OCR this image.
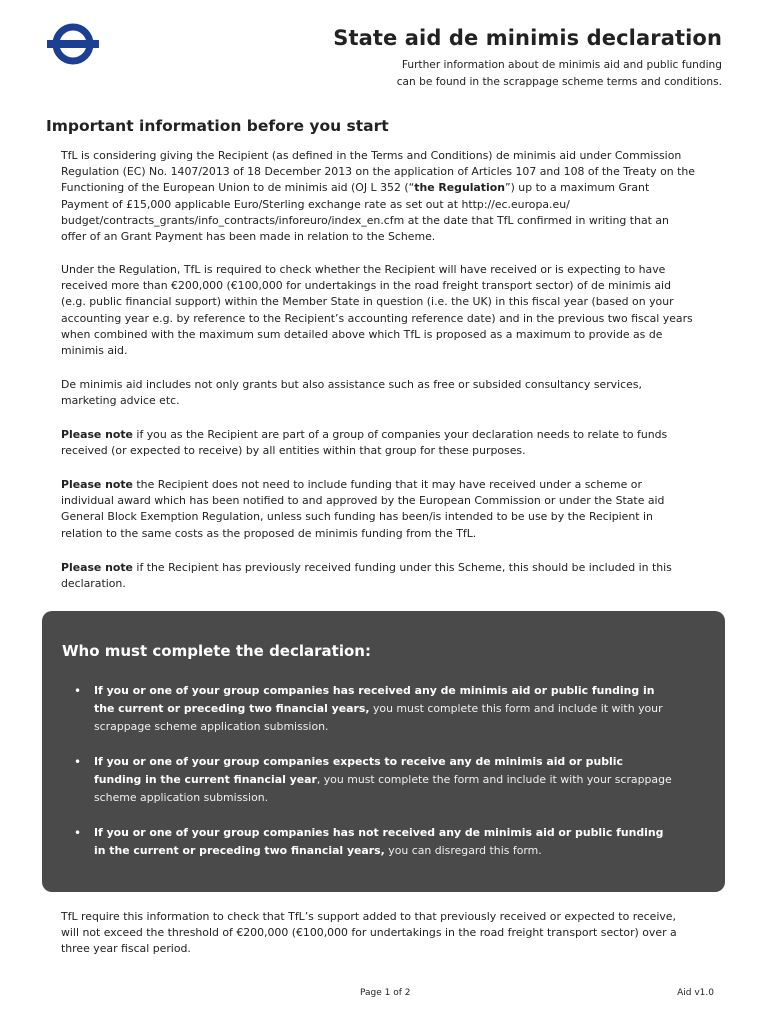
State aid de minimis declaration
Further information about de minimis aid and public funding
can be found in the scrappage scheme terms and conditions.
Important information before you start

TfL is considering giving the Recipient (as defined in the Terms and Conditions) de minimis aid under Commission Regulation (EC) No. 1407/2013 of 18 December 2013 on the application of Articles 107 and 108 of the Treaty on the Functioning of the European Union to de minimis aid (OJ L 352 (“the Regulation”) up to a maximum Grant Payment of £15,000 applicable Euro/Sterling exchange rate as set out at http://ec.europa.eu/ budget/contracts_grants/info_contracts/inforeuro/index_en.cfm at the date that TfL confirmed in writing that an offer of an Grant Payment has been made in relation to the Scheme.

Under the Regulation, TfL is required to check whether the Recipient will have received or is expecting to have received more than €200,000 (€100,000 for undertakings in the road freight transport sector) of de minimis aid (e.g. public financial support) within the Member State in question (i.e. the UK) in this fiscal year (based on your accounting year e.g. by reference to the Recipient’s accounting reference date) and in the previous two fiscal years when combined with the maximum sum detailed above which TfL is proposed as a maximum to provide as de minimis aid.

De minimis aid includes not only grants but also assistance such as free or subsided consultancy services, marketing advice etc.

Please note if you as the Recipient are part of a group of companies your declaration needs to relate to funds received (or expected to receive) by all entities within that group for these purposes.

Please note the Recipient does not need to include funding that it may have received under a scheme or individual award which has been notified to and approved by the European Commission or under the State aid General Block Exemption Regulation, unless such funding has been/is intended to be use by the Recipient in relation to the same costs as the proposed de minimis funding from the TfL.

Please note if the Recipient has previously received funding under this Scheme, this should be included in this declaration.

Who must complete the declaration:
• If you or one of your group companies has received any de minimis aid or public funding in the current or preceding two financial years, you must complete this form and include it with your scrappage scheme application submission.
• If you or one of your group companies expects to receive any de minimis aid or public funding in the current financial year, you must complete the form and include it with your scrappage scheme application submission.
• If you or one of your group companies has not received any de minimis aid or public funding in the current or preceding two financial years, you can disregard this form.

TfL require this information to check that TfL’s support added to that previously received or expected to receive, will not exceed the threshold of €200,000 (€100,000 for undertakings in the road freight transport sector) over a three year fiscal period.

Page 1 of 2	Aid v1.0
